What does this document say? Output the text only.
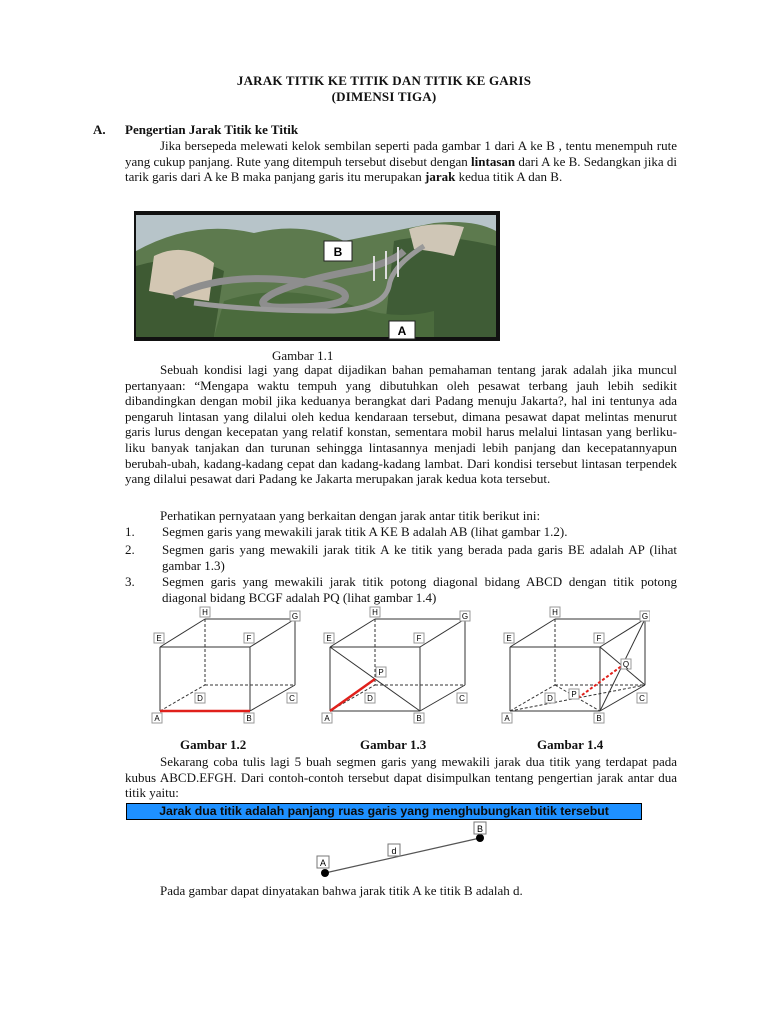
JARAK TITIK KE TITIK DAN TITIK KE GARIS
(DIMENSI TIGA)
A. Pengertian Jarak Titik ke Titik
Jika bersepeda melewati kelok sembilan seperti pada gambar 1 dari A ke B , tentu menempuh rute yang cukup panjang. Rute yang ditempuh tersebut disebut dengan lintasan dari A ke B. Sedangkan jika di tarik garis dari A ke B maka panjang garis itu merupakan jarak kedua titik A dan B.
B
A
Gambar 1.1
Sebuah kondisi lagi yang dapat dijadikan bahan pemahaman tentang jarak adalah jika muncul pertanyaan: “Mengapa waktu tempuh yang dibutuhkan oleh pesawat terbang jauh lebih sedikit dibandingkan dengan mobil jika keduanya berangkat dari Padang menuju Jakarta?, hal ini tentunya ada pengaruh lintasan yang dilalui oleh kedua kendaraan tersebut, dimana pesawat dapat melintas menurut garis lurus dengan kecepatan yang relatif konstan, sementara mobil harus melalui lintasan yang berliku-liku banyak tanjakan dan turunan sehingga lintasannya menjadi lebih panjang dan kecepatannyapun berubah-ubah, kadang-kadang cepat dan kadang-kadang lambat. Dari kondisi tersebut lintasan terpendek yang dilalui pesawat dari Padang ke Jakarta merupakan jarak kedua kota tersebut.
Perhatikan pernyataan yang berkaitan dengan jarak antar titik berikut ini:
1. Segmen garis yang mewakili jarak titik A KE B adalah AB (lihat gambar 1.2).
2. Segmen garis yang mewakili jarak titik A ke titik yang berada pada garis BE adalah AP (lihat gambar 1.3)
3. Segmen garis yang mewakili jarak titik potong diagonal bidang ABCD dengan titik potong diagonal bidang BCGF adalah PQ (lihat gambar 1.4)
H	G
E	F
D	C
A	B
H	G
E	F
P
D	C
A	B
H	G
E	F
Q
P
D	C
A	B
Gambar 1.2	Gambar 1.3	Gambar 1.4
Sekarang coba tulis lagi 5 buah segmen garis yang mewakili jarak dua titik yang terdapat pada kubus ABCD.EFGH. Dari contoh-contoh tersebut dapat disimpulkan tentang pengertian jarak antar dua titik yaitu:
Jarak dua titik adalah panjang ruas garis yang menghubungkan titik tersebut
A
B
d
Pada gambar dapat dinyatakan bahwa jarak titik A ke titik B adalah d.
